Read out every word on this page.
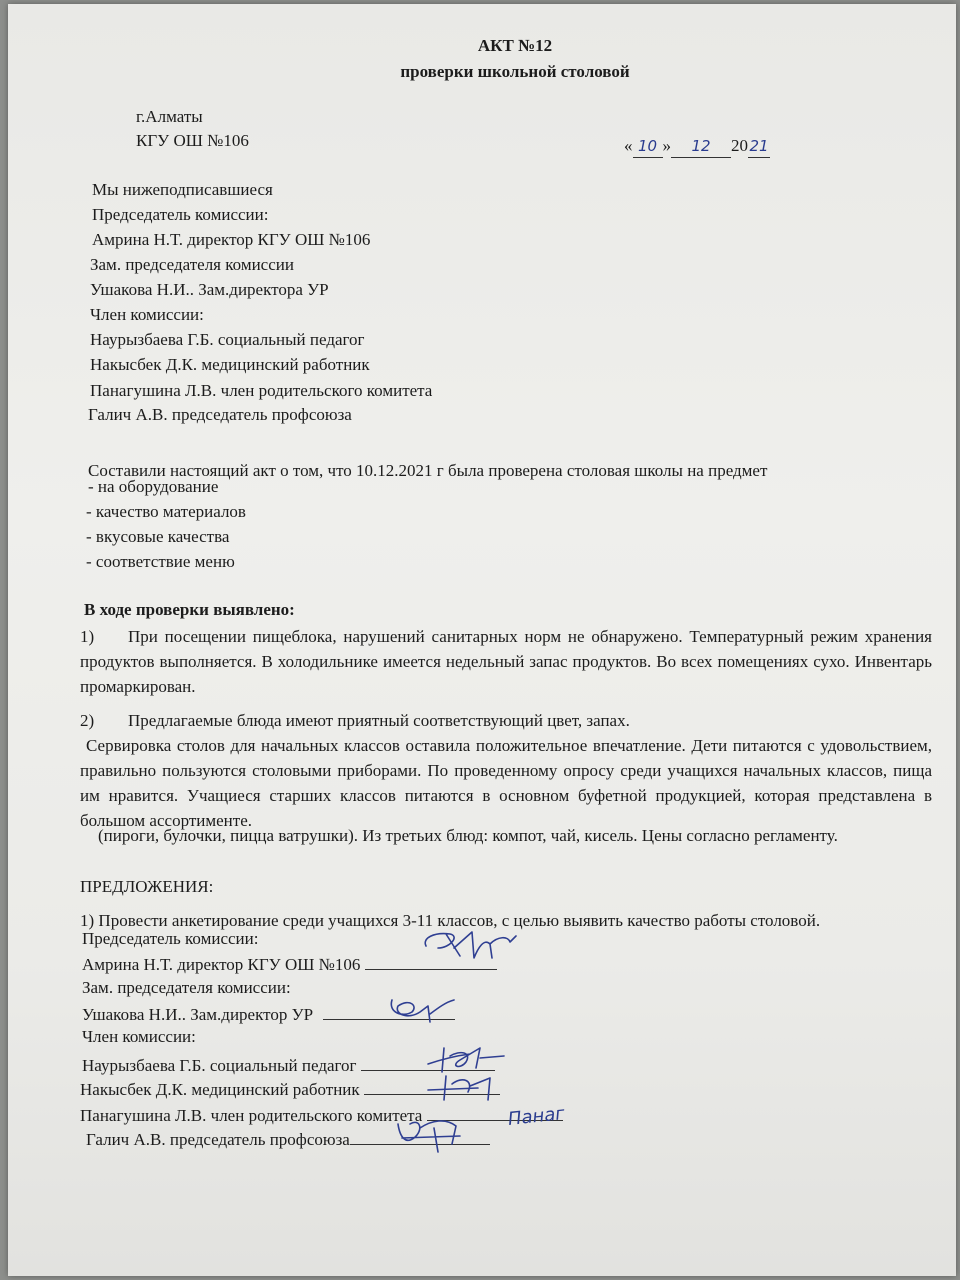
АКТ №12
проверки школьной столовой
г.Алматы
КГУ ОШ №106	« 10 » 12 2021
Мы нижеподписавшиеся
Председатель комиссии:
Амрина Н.Т. директор КГУ ОШ №106
Зам. председателя комиссии
Ушакова Н.И.. Зам.директора УР
Член комиссии:
Наурызбаева Г.Б. социальный педагог
Накысбек Д.К. медицинский работник
Панагушина Л.В. член родительского комитета
Галич А.В. председатель профсоюза
Составили настоящий акт о том, что 10.12.2021 г была проверена столовая школы на предмет
- на оборудование
- качество материалов
- вкусовые качества
- соответствие меню
В ходе проверки выявлено:
1) При посещении пищеблока, нарушений санитарных норм не обнаружено. Температурный режим хранения продуктов выполняется. В холодильнике имеется недельный запас продуктов. Во всех помещениях сухо. Инвентарь промаркирован.
2) Предлагаемые блюда имеют приятный соответствующий цвет, запах.
Сервировка столов для начальных классов оставила положительное впечатление. Дети питаются с удовольствием, правильно пользуются столовыми приборами. По проведенному опросу среди учащихся начальных классов, пища им нравится. Учащиеся старших классов питаются в основном буфетной продукцией, которая представлена в большом ассортименте.
(пироги, булочки, пицца ватрушки). Из третьих блюд: компот, чай, кисель. Цены согласно регламенту.
ПРЕДЛОЖЕНИЯ:
1) Провести анкетирование среди учащихся 3-11 классов, с целью выявить качество работы столовой.
Председатель комиссии:
Амрина Н.Т. директор КГУ ОШ №106
Зам. председателя комиссии:
Ушакова Н.И.. Зам.директор УР
Член комиссии:
Наурызбаева Г.Б. социальный педагог
Накысбек Д.К. медицинский работник
Панагушина Л.В. член родительского комитета
Галич А.В. председатель профсоюза
Панаг
